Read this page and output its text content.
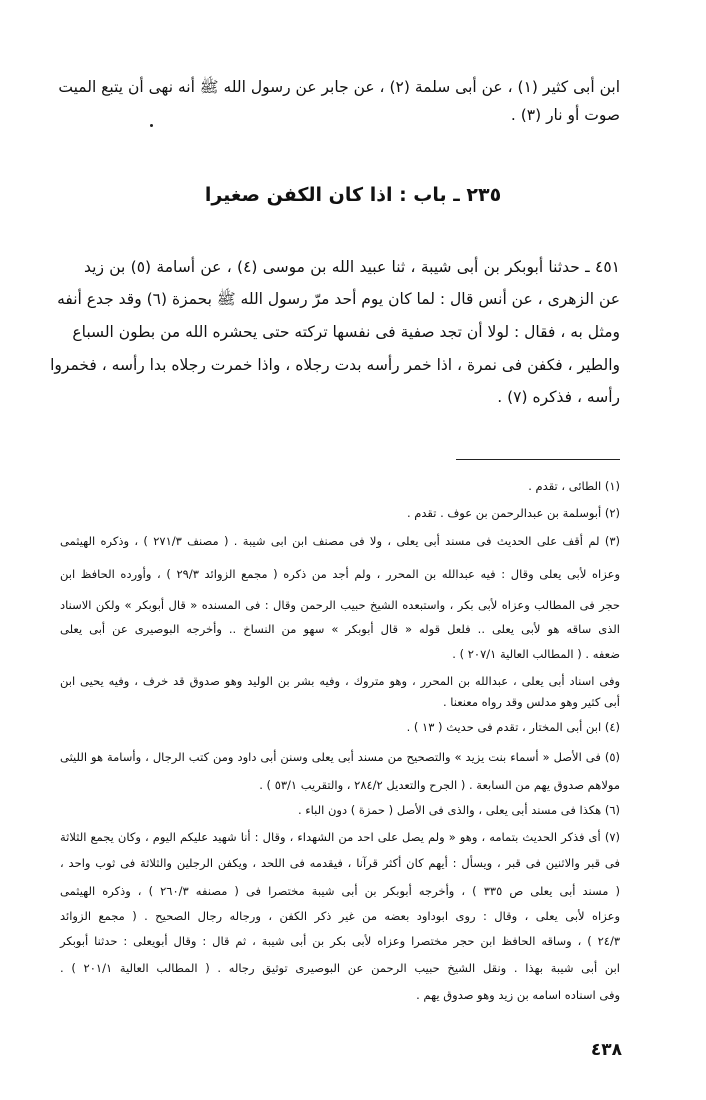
ابن أبى كثير (١) ، عن أبى سلمة (٢) ، عن جابر عن رسول الله ﷺ أنه نهى أن يتبع الميت
صوت أو نار (٣) .
٢٣٥ ـ باب : اذا كان الكفن صغيرا
٤٥١ ـ حدثنا أبوبكر بن أبى شيبة ، ثنا عبيد الله بن موسى (٤) ، عن أسامة (٥) بن زيد
عن الزهرى ، عن أنس قال : لما كان يوم أحد مرّ رسول الله ﷺ بحمزة (٦) وقد جدع أنفه
ومثل به ، فقال : لولا أن تجد صفية فى نفسها تركته حتى يحشره الله من بطون السباع
والطير ، فكفن فى نمرة ، اذا خمر رأسه بدت رجلاه ، واذا خمرت رجلاه بدا رأسه ، فخمروا
رأسه ، فذكره (٧) .
(١) الطائى ، تقدم .
(٢) أبوسلمة بن عبدالرحمن بن عوف . تقدم .
(٣) لم أقف على الحديث فى مسند أبى يعلى ، ولا فى مصنف ابن ابى شيبة . ( مصنف ٢٧١/٣ ) ، وذكره الهيثمى
وعزاه لأبى يعلى وقال : فيه عبدالله بن المحرر ، ولم أجد من ذكره ( مجمع الزوائد ٢٩/٣ ) ، وأورده الحافظ ابن
حجر فى المطالب وعزاه لأبى بكر ، واستبعده الشيخ حبيب الرحمن وقال : فى المسنده « قال أبوبكر » ولكن الاسناد
الذى ساقه هو لأبى يعلى .. فلعل قوله « قال أبوبكر » سهو من النساخ .. وأخرجه البوصيرى عن أبى يعلى
ضعفه . ( المطالب العالية ٢٠٧/١ ) .
وفى اسناد أبى يعلى ، عبدالله بن المحرر ، وهو متروك ، وفيه بشر بن الوليد وهو صدوق قد خرف ، وفيه يحيى ابن
أبى كثير وهو مدلس وقد رواه معنعنا .
(٤) ابن أبى المختار ، تقدم فى حديث ( ١٣ ) .
(٥) فى الأصل « أسماء بنت يزيد » والتصحيح من مسند أبى يعلى وسنن أبى داود ومن كتب الرجال ، وأسامة هو الليثى
مولاهم صدوق يهم من السابعة . ( الجرح والتعديل ٢٨٤/٢ ، والتقريب ٥٣/١ ) .
(٦) هكذا فى مسند أبى يعلى ، والذى فى الأصل ( حمزة ) دون الباء .
(٧) أى فذكر الحديث بتمامه ، وهو « ولم يصل على احد من الشهداء ، وقال : أنا شهيد عليكم اليوم ، وكان يجمع الثلاثة
فى قبر والاثنين فى قبر ، ويسأل : أيهم كان أكثر قرآنا ، فيقدمه فى اللحد ، ويكفن الرجلين والثلاثة فى ثوب واحد ،
( مسند أبى يعلى ص ٣٣٥ ) ، وأخرجه أبوبكر بن أبى شيبة مختصرا فى ( مصنفه ٢٦٠/٣ ) ، وذكره الهيثمى
وعزاه لأبى يعلى ، وقال : روى ابوداود بعضه من غير ذكر الكفن ، ورجاله رجال الصحيح . ( مجمع الزوائد
٢٤/٣ ) ، وساقه الحافظ ابن حجر مختصرا وعزاه لأبى بكر بن أبى شيبة ، ثم قال : وقال أبويعلى : حدثنا أبوبكر
ابن أبى شيبة بهذا . ونقل الشيخ حبيب الرحمن عن البوصيرى توثيق رجاله . ( المطالب العالية ٢٠١/١ ) .
وفى اسناده اسامه بن زيد وهو صدوق يهم .
٤٣٨
